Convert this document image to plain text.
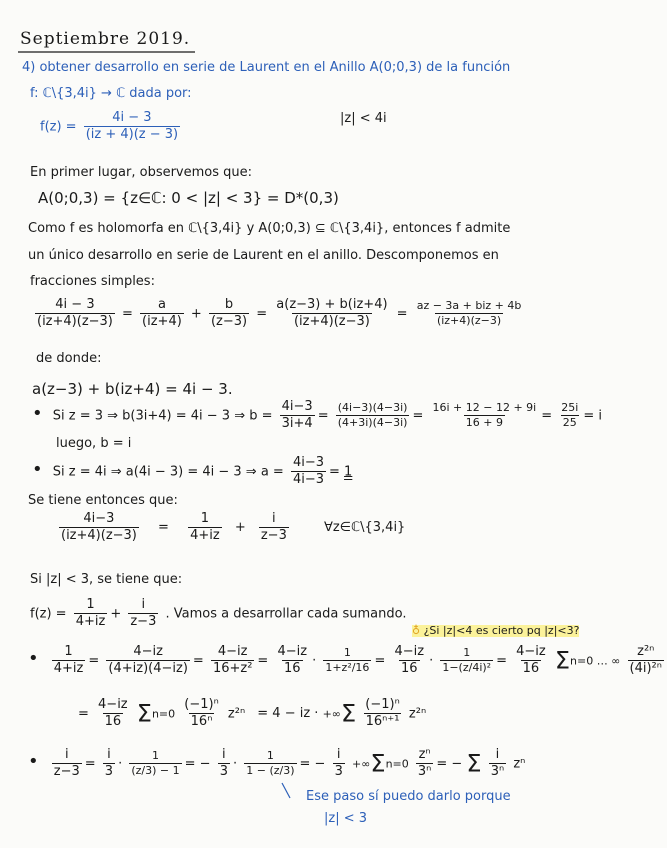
Septiembre 2019.
4) obtener desarrollo en serie de Laurent en el Anillo A(0;0,3) de la función
f: ℂ\{3,4i} → ℂ dada por:
$f(z) = \frac{4i - 3}{(iz + 4)(z - 3)}$	|z| < 4i
En primer lugar, observemos que:
A(0;0,3) = {z∈ℂ: 0 < |z| < 3} = D*(0,3)
Como f es holomorfa en ℂ\{3,4i} y A(0;0,3) ⊆ ℂ\{3,4i}, entonces f admite
un único desarrollo en serie de Laurent en el anillo. Descomponemos en
fracciones simples:
$\frac{4i - 3}{(iz+4)(z-3)} = \frac{a}{(iz+4)} + \frac{b}{(z-3)} = \frac{a(z-3) + b(iz+4)}{(iz+4)(z-3)} = \frac{\text{az − 3a + biz + 4b}}{(iz+4)(z-3)}$
de donde:
a(z−3) + b(iz+4) = 4i − 3.
• Si z = 3 ⇒ b(3i+4) = 4i − 3 ⇒ $b = \frac{4i-3}{3i+4} = \frac{(4i-3)(4-3i)}{(4+3i)(4-3i)} = \frac{16i + 12 - 12 + 9i}{16 + 9} = \frac{25i}{25} = i$
luego, b = i
• Si z = 4i ⇒ a(4i − 3) = 4i − 3 ⇒ $a = \frac{4i-3}{4i-3} = 1$
Se tiene entonces que:
$\frac{4i-3}{(iz+4)(z-3)} = \frac{1}{4+iz} + \frac{i}{z-3}$	∀z∈ℂ\{3,4i}
Si |z| < 3, se tiene que:
$f(z) = \frac{1}{4+iz} + \frac{i}{z-3}$ . Vamos a desarrollar cada sumando.
♁ ¿Si |z|<4 es cierto pq |z|<3?
• $\frac{1}{4+iz} = \frac{4-iz}{(4+iz)(4-iz)} = \frac{4-iz}{\text{16+z²}} = \frac{4-iz}{16} \cdot \frac{1}{\text{1+z²/16}} = \frac{4-iz}{16} \cdot \frac{1}{\text{1−(z/4i)²}} = \frac{4-iz}{16} \Sigma n=0$ … ∞ $\frac{\text{z²ⁿ}}{\text{(4i)²ⁿ}}$
= $\frac{4-iz}{16} \Sigma n=0 \frac{\text{(−1)ⁿ}}{\text{16ⁿ}} z^{2n} = 4$ − iz · $+\infty\Sigma \frac{\text{(−1)ⁿ}}{\text{16ⁿ⁺¹}} z^{2n}$
• $\frac{i}{z-3} = \frac{i}{3} \cdot \frac{1}{(z/3) - 1}$ = − $\frac{i}{3} \cdot \frac{1}{1 - (z/3)}$ = − $\frac{i}{3} +\infty\Sigma n=0 \frac{\text{zⁿ}}{\text{3ⁿ}}$ = − Σ $\frac{i}{\text{3ⁿ}}$ zⁿ
Ese paso sí puedo darlo porque
|z| < 3
